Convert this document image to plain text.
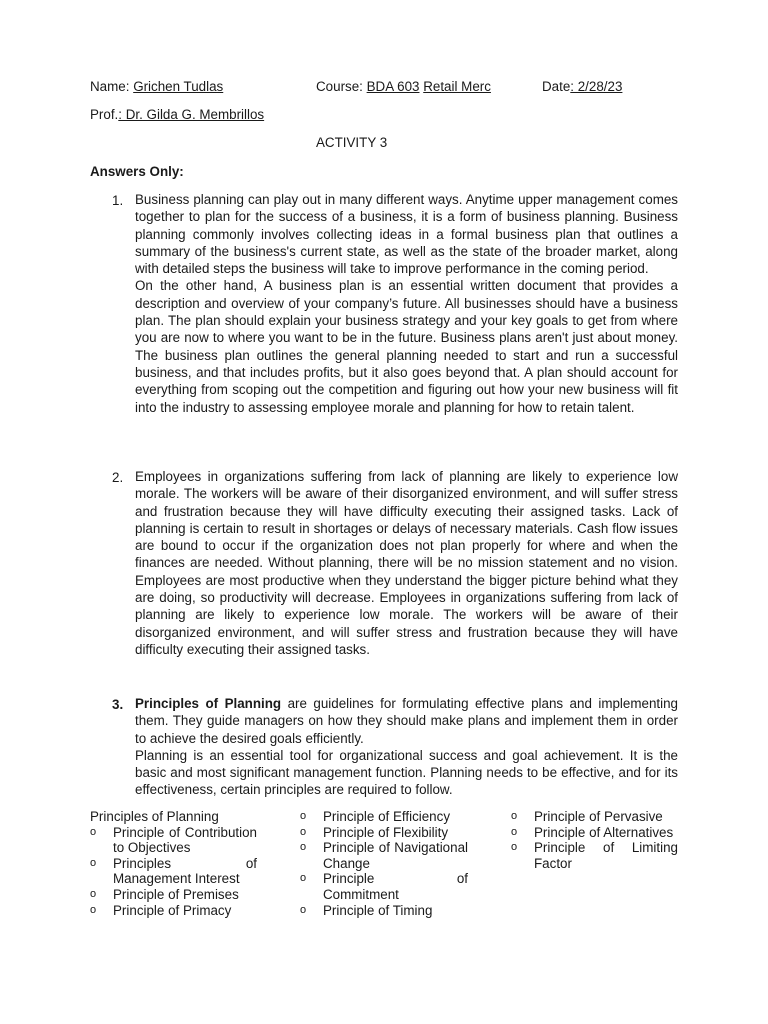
Name: Grichen Tudlas	Course: BDA 603 Retail Merc	Date: 2/28/23
Prof.: Dr. Gilda G. Membrillos
ACTIVITY 3
Answers Only:
1. Business planning can play out in many different ways. Anytime upper management comes together to plan for the success of a business, it is a form of business planning. Business planning commonly involves collecting ideas in a formal business plan that outlines a summary of the business's current state, as well as the state of the broader market, along with detailed steps the business will take to improve performance in the coming period.
On the other hand, A business plan is an essential written document that provides a description and overview of your company’s future. All businesses should have a business plan. The plan should explain your business strategy and your key goals to get from where you are now to where you want to be in the future. Business plans aren't just about money. The business plan outlines the general planning needed to start and run a successful business, and that includes profits, but it also goes beyond that. A plan should account for everything from scoping out the competition and figuring out how your new business will fit into the industry to assessing employee morale and planning for how to retain talent.
2. Employees in organizations suffering from lack of planning are likely to experience low morale. The workers will be aware of their disorganized environment, and will suffer stress and frustration because they will have difficulty executing their assigned tasks. Lack of planning is certain to result in shortages or delays of necessary materials. Cash flow issues are bound to occur if the organization does not plan properly for where and when the finances are needed. Without planning, there will be no mission statement and no vision. Employees are most productive when they understand the bigger picture behind what they are doing, so productivity will decrease. Employees in organizations suffering from lack of planning are likely to experience low morale. The workers will be aware of their disorganized environment, and will suffer stress and frustration because they will have difficulty executing their assigned tasks.
3. Principles of Planning are guidelines for formulating effective plans and implementing them. They guide managers on how they should make plans and implement them in order to achieve the desired goals efficiently.
Planning is an essential tool for organizational success and goal achievement. It is the basic and most significant management function. Planning needs to be effective, and for its effectiveness, certain principles are required to follow.
Principles of Planning
o Principle of Contribution to Objectives
o Principles of Management Interest
o Principle of Premises
o Principle of Primacy
o Principle of Efficiency
o Principle of Flexibility
o Principle of Navigational Change
o Principle of Commitment
o Principle of Timing
o Principle of Pervasive
o Principle of Alternatives
o Principle of Limiting Factor
